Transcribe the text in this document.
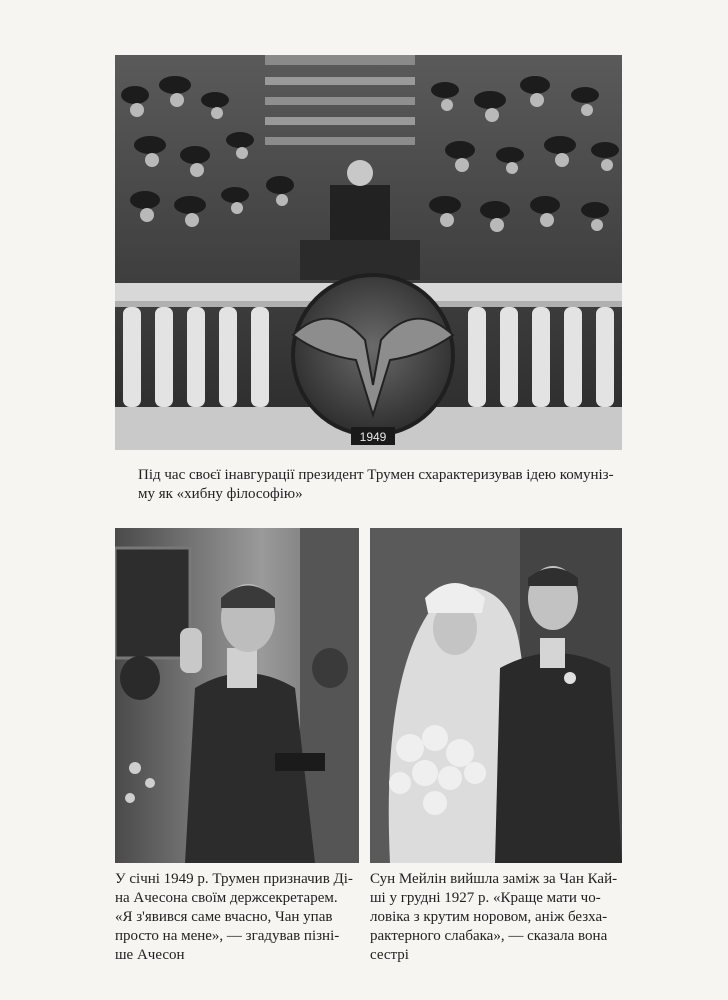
1949
Під час своєї інавгурації президент Трумен схарактеризував ідею комуніз-
му як «хибну філософію»
У січні 1949 р. Трумен призначив Ді-
на Ачесона своїм держсекретарем.
«Я з'явився саме вчасно, Чан упав
просто на мене», — згадував пізні-
ше Ачесон
Сун Мейлін вийшла заміж за Чан Кай-
ші у грудні 1927 р. «Краще мати чо-
ловіка з крутим норовом, аніж безха-
рактерного слабака», — сказала вона
сестрі
